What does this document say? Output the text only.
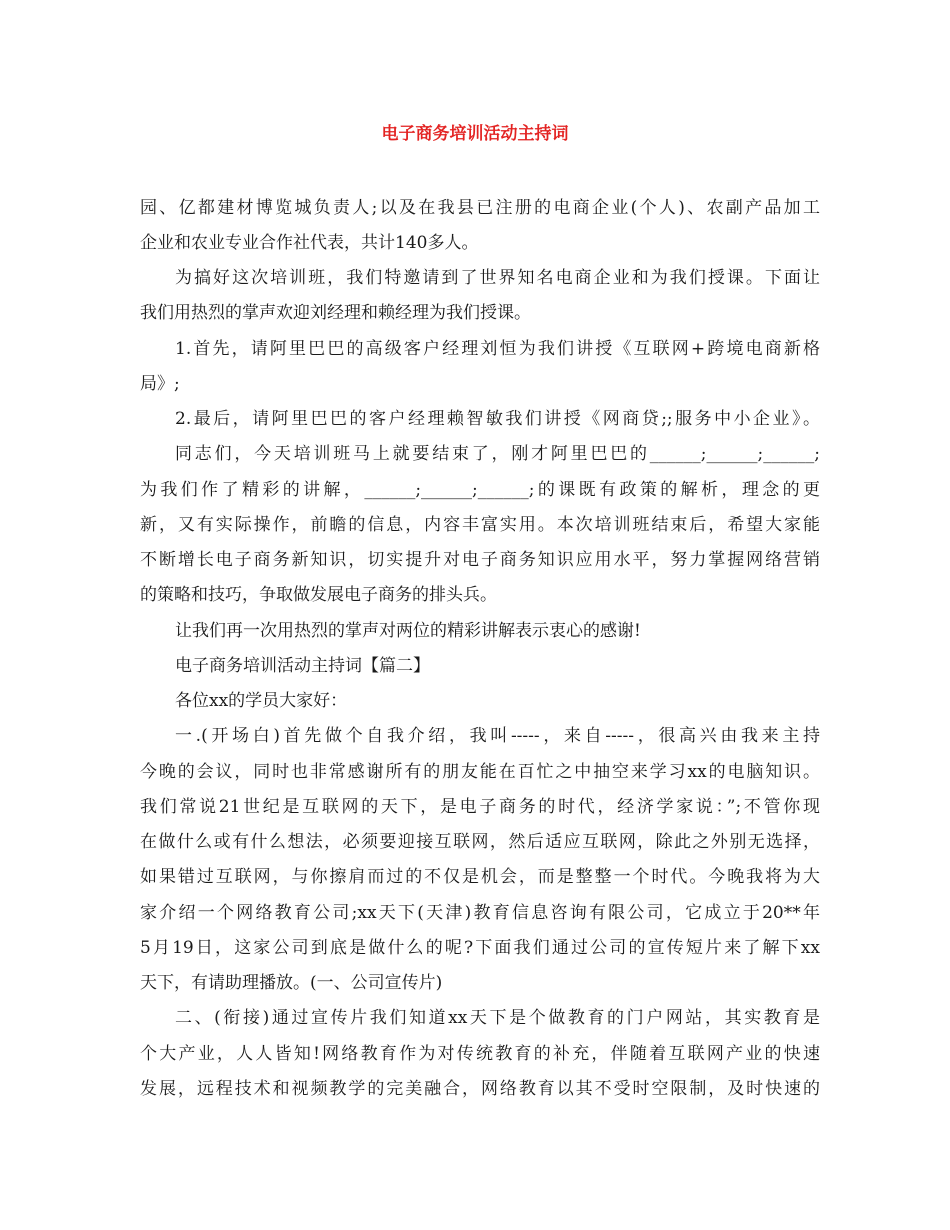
电子商务培训活动主持词

园、亿都建材博览城负责人;以及在我县已注册的电商企业(个人)、农副产品加工

企业和农业专业合作社代表，共计140多人。

为搞好这次培训班，我们特邀请到了世界知名电商企业和为我们授课。下面让

我们用热烈的掌声欢迎刘经理和赖经理为我们授课。

1.首先，请阿里巴巴的高级客户经理刘恒为我们讲授《互联网+跨境电商新格

局》;

2.最后，请阿里巴巴的客户经理赖智敏我们讲授《网商贷;;服务中小企业》。

同志们，今天培训班马上就要结束了，刚才阿里巴巴的______;______;______;

为我们作了精彩的讲解，______;______;______;的课既有政策的解析，理念的更

新，又有实际操作，前瞻的信息，内容丰富实用。本次培训班结束后，希望大家能

不断增长电子商务新知识，切实提升对电子商务知识应用水平，努力掌握网络营销

的策略和技巧，争取做发展电子商务的排头兵。

让我们再一次用热烈的掌声对两位的精彩讲解表示衷心的感谢!

电子商务培训活动主持词【篇二】

各位xx的学员大家好：

一.(开场白)首先做个自我介绍，我叫-----，来自-----，很高兴由我来主持

今晚的会议，同时也非常感谢所有的朋友能在百忙之中抽空来学习xx的电脑知识。

我们常说21世纪是互联网的天下，是电子商务的时代，经济学家说：”;不管你现

在做什么或有什么想法，必须要迎接互联网，然后适应互联网，除此之外别无选择，

如果错过互联网，与你擦肩而过的不仅是机会，而是整整一个时代。今晚我将为大

家介绍一个网络教育公司;xx天下(天津)教育信息咨询有限公司，它成立于20**年

5月19日，这家公司到底是做什么的呢?下面我们通过公司的宣传短片来了解下xx

天下，有请助理播放。(一、公司宣传片)

二、(衔接)通过宣传片我们知道xx天下是个做教育的门户网站，其实教育是

个大产业，人人皆知!网络教育作为对传统教育的补充，伴随着互联网产业的快速

发展，远程技术和视频教学的完美融合，网络教育以其不受时空限制，及时快速的
